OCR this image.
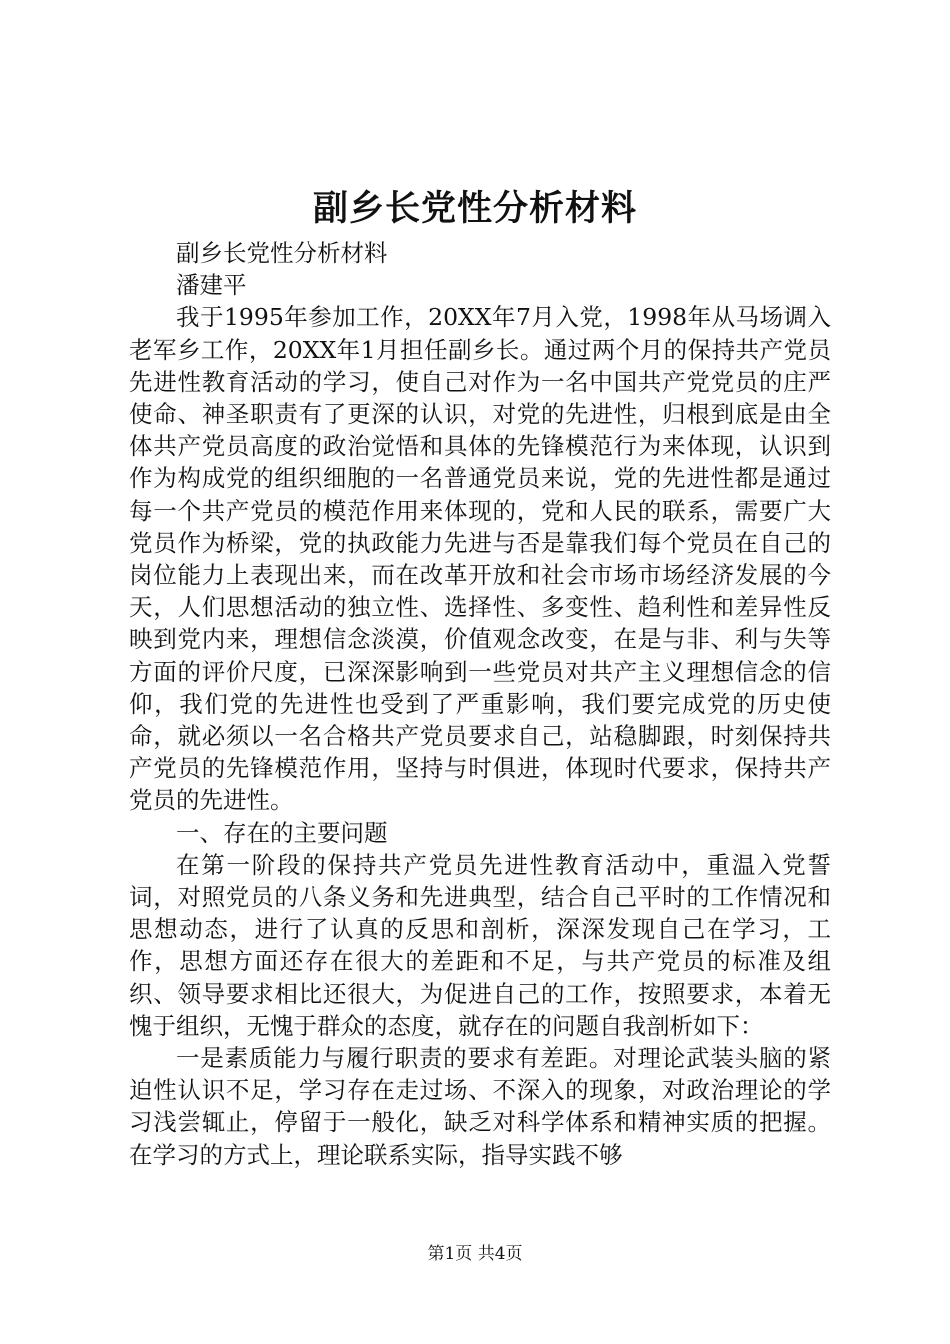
副乡长党性分析材料

副乡长党性分析材料

潘建平

我于1995年参加工作，20XX年7月入党，1998年从马场调入老军乡工作，20XX年1月担任副乡长。通过两个月的保持共产党员先进性教育活动的学习，使自己对作为一名中国共产党党员的庄严使命、神圣职责有了更深的认识，对党的先进性，归根到底是由全体共产党员高度的政治觉悟和具体的先锋模范行为来体现，认识到作为构成党的组织细胞的一名普通党员来说，党的先进性都是通过每一个共产党员的模范作用来体现的，党和人民的联系，需要广大党员作为桥梁，党的执政能力先进与否是靠我们每个党员在自己的岗位能力上表现出来，而在改革开放和社会市场市场经济发展的今天，人们思想活动的独立性、选择性、多变性、趋利性和差异性反映到党内来，理想信念淡漠，价值观念改变，在是与非、利与失等方面的评价尺度，已深深影响到一些党员对共产主义理想信念的信仰，我们党的先进性也受到了严重影响，我们要完成党的历史使命，就必须以一名合格共产党员要求自己，站稳脚跟，时刻保持共产党员的先锋模范作用，坚持与时俱进，体现时代要求，保持共产党员的先进性。

一、存在的主要问题

在第一阶段的保持共产党员先进性教育活动中，重温入党誓词，对照党员的八条义务和先进典型，结合自己平时的工作情况和思想动态，进行了认真的反思和剖析，深深发现自己在学习，工作，思想方面还存在很大的差距和不足，与共产党员的标准及组织、领导要求相比还很大，为促进自己的工作，按照要求，本着无愧于组织，无愧于群众的态度，就存在的问题自我剖析如下：

一是素质能力与履行职责的要求有差距。对理论武装头脑的紧迫性认识不足，学习存在走过场、不深入的现象，对政治理论的学习浅尝辄止，停留于一般化，缺乏对科学体系和精神实质的把握。在学习的方式上，理论联系实际，指导实践不够

第1页 共4页
